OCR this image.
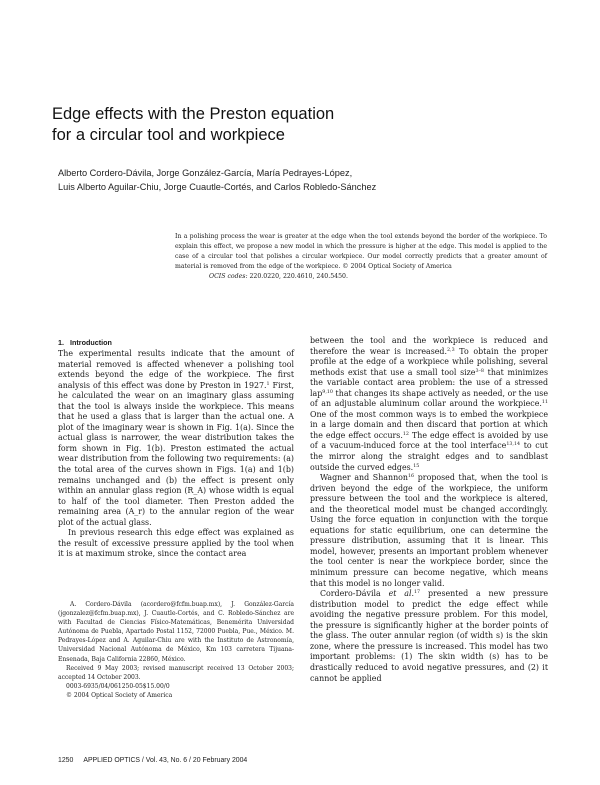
Edge effects with the Preston equation
for a circular tool and workpiece
Alberto Cordero-Dávila, Jorge González-García, María Pedrayes-López,
Luis Alberto Aguilar-Chiu, Jorge Cuautle-Cortés, and Carlos Robledo-Sánchez
In a polishing process the wear is greater at the edge when the tool extends beyond the border of the workpiece. To explain this effect, we propose a new model in which the pressure is higher at the edge. This model is applied to the case of a circular tool that polishes a circular workpiece. Our model correctly predicts that a greater amount of material is removed from the edge of the workpiece. © 2004 Optical Society of America
OCIS codes: 220.0220, 220.4610, 240.5450.
1. Introduction

The experimental results indicate that the amount of material removed is affected whenever a polishing tool extends beyond the edge of the workpiece. The first analysis of this effect was done by Preston in 1927.$^1$ First, he calculated the wear on an imaginary glass assuming that the tool is always inside the workpiece. This means that he used a glass that is larger than the actual one. A plot of the imaginary wear is shown in Fig. 1(a). Since the actual glass is narrower, the wear distribution takes the form shown in Fig. 1(b). Preston estimated the actual wear distribution from the following two requirements: (a) the total area of the curves shown in Figs. 1(a) and 1(b) remains unchanged and (b) the effect is present only within an annular glass region (R_A) whose width is equal to half of the tool diameter. Then Preston added the remaining area (A_r) to the annular region of the wear plot of the actual glass.

In previous research this edge effect was explained as the result of excessive pressure applied by the tool when it is at maximum stroke, since the contact area

A. Cordero-Dávila (acordero@fcfm.buap.mx), J. González-García (jgonzalez@fcfm.buap.mx), J. Cuautle-Cortés, and C. Robledo-Sánchez are with Facultad de Ciencias Físico-Matemáticas, Benemérita Universidad Autónoma de Puebla, Apartado Postal 1152, 72000 Puebla, Pue., México. M. Pedrayes-López and A. Aguilar-Chiu are with the Instituto de Astronomía, Universidad Nacional Autónoma de México, Km 103 carretera Tijuana-Ensenada, Baja California 22860, México.

Received 9 May 2003; revised manuscript received 13 October 2003; accepted 14 October 2003.

0003-6935/04/061250-05$15.00/0

© 2004 Optical Society of America

between the tool and the workpiece is reduced and therefore the wear is increased.$^{2,3}$ To obtain the proper profile at the edge of a workpiece while polishing, several methods exist that use a small tool size$^{3-8}$ that minimizes the variable contact area problem: the use of a stressed lap$^{9,10}$ that changes its shape actively as needed, or the use of an adjustable aluminum collar around the workpiece.$^{11}$ One of the most common ways is to embed the workpiece in a large domain and then discard that portion at which the edge effect occurs.$^{12}$ The edge effect is avoided by use of a vacuum-induced force at the tool interface$^{13,14}$ to cut the mirror along the straight edges and to sandblast outside the curved edges.$^{15}$

Wagner and Shannon$^{16}$ proposed that, when the tool is driven beyond the edge of the workpiece, the uniform pressure between the tool and the workpiece is altered, and the theoretical model must be changed accordingly. Using the force equation in conjunction with the torque equations for static equilibrium, one can determine the pressure distribution, assuming that it is linear. This model, however, presents an important problem whenever the tool center is near the workpiece border, since the minimum pressure can become negative, which means that this model is no longer valid.

Cordero-Dávila et al.$^{17}$ presented a new pressure distribution model to predict the edge effect while avoiding the negative pressure problem. For this model, the pressure is significantly higher at the border points of the glass. The outer annular region (of width s) is the skin zone, where the pressure is increased. This model has two important problems: (1) The skin width (s) has to be drastically reduced to avoid negative pressures, and (2) it cannot be applied

1250 APPLIED OPTICS / Vol. 43, No. 6 / 20 February 2004
